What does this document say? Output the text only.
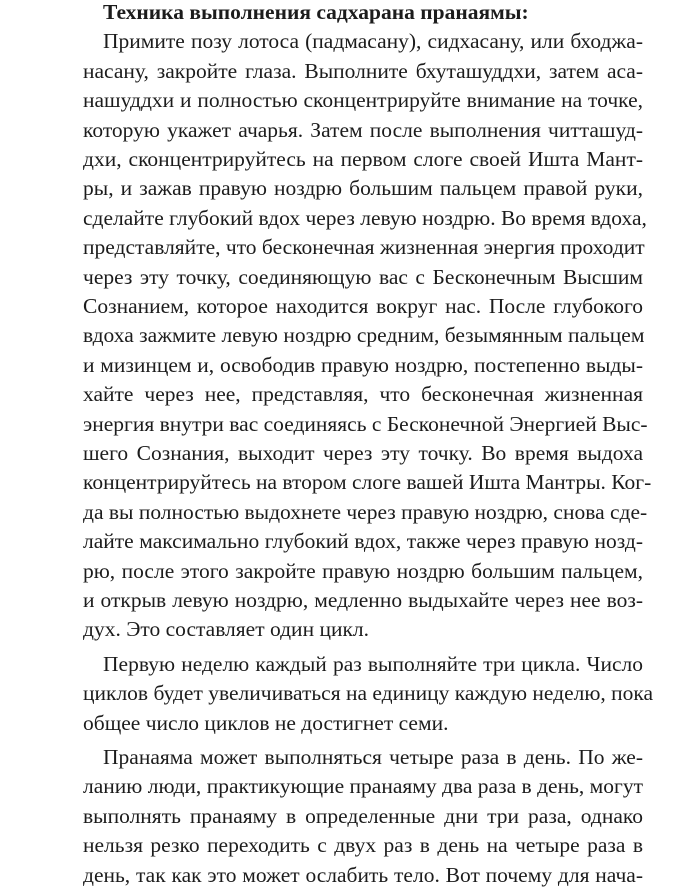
Техника выполнения садхарана пранаямы:
Примите позу лотоса (падмасану), сидхасану, или бходжа-
насану, закройте глаза. Выполните бхуташуддхи, затем аса-
нашуддхи и полностью сконцентрируйте внимание на точке,
которую укажет ачарья. Затем после выполнения читташуд-
дхи, сконцентрируйтесь на первом слоге своей Ишта Мант-
ры, и зажав правую ноздрю большим пальцем правой руки,
сделайте глубокий вдох через левую ноздрю. Во время вдоха,
представляйте, что бесконечная жизненная энергия проходит
через эту точку, соединяющую вас с Бесконечным Высшим
Сознанием, которое находится вокруг нас. После глубокого
вдоха зажмите левую ноздрю средним, безымянным пальцем
и мизинцем и, освободив правую ноздрю, постепенно выды-
хайте через нее, представляя, что бесконечная жизненная
энергия внутри вас соединяясь с Бесконечной Энергией Выс-
шего Сознания, выходит через эту точку. Во время выдоха
концентрируйтесь на втором слоге вашей Ишта Мантры. Ког-
да вы полностью выдохнете через правую ноздрю, снова сде-
лайте максимально глубокий вдох, также через правую нозд-
рю, после этого закройте правую ноздрю большим пальцем,
и открыв левую ноздрю, медленно выдыхайте через нее воз-
дух. Это составляет один цикл.
Первую неделю каждый раз выполняйте три цикла. Число
циклов будет увеличиваться на единицу каждую неделю, пока
общее число циклов не достигнет семи.
Пранаяма может выполняться четыре раза в день. По же-
ланию люди, практикующие пранаяму два раза в день, могут
выполнять пранаяму в определенные дни три раза, однако
нельзя резко переходить с двух раз в день на четыре раза в
день, так как это может ослабить тело. Вот почему для нача-
